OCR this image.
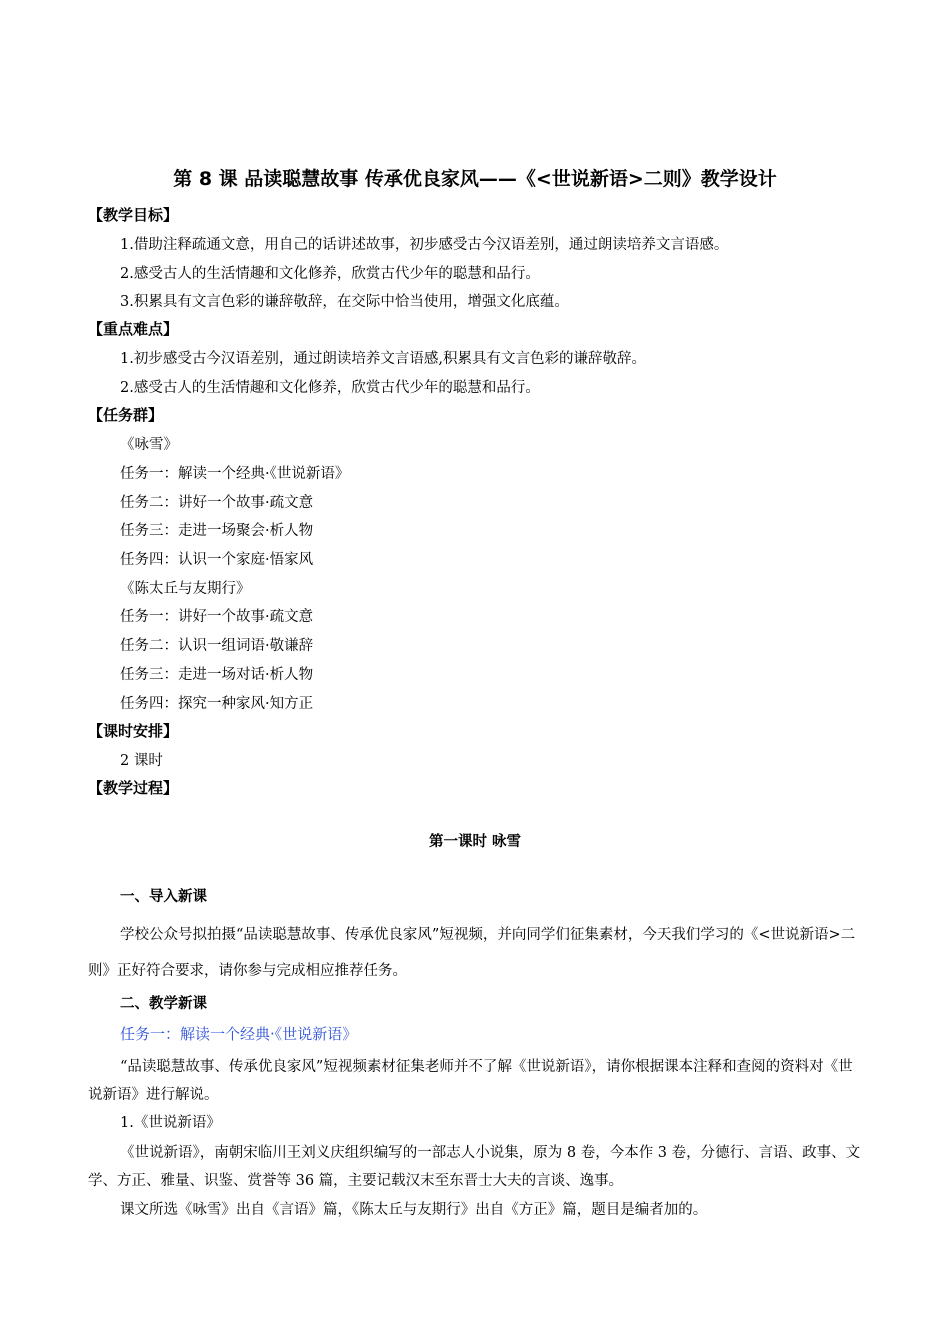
第 8 课 品读聪慧故事 传承优良家风——《<世说新语>二则》教学设计
【教学目标】
1.借助注释疏通文意，用自己的话讲述故事，初步感受古今汉语差别，通过朗读培养文言语感。
2.感受古人的生活情趣和文化修养，欣赏古代少年的聪慧和品行。
3.积累具有文言色彩的谦辞敬辞，在交际中恰当使用，增强文化底蕴。
【重点难点】
1.初步感受古今汉语差别，通过朗读培养文言语感,积累具有文言色彩的谦辞敬辞。
2.感受古人的生活情趣和文化修养，欣赏古代少年的聪慧和品行。
【任务群】
《咏雪》
任务一：解读一个经典·《世说新语》
任务二：讲好一个故事·疏文意
任务三：走进一场聚会·析人物
任务四：认识一个家庭·悟家风
《陈太丘与友期行》
任务一：讲好一个故事·疏文意
任务二：认识一组词语·敬谦辞
任务三：走进一场对话·析人物
任务四：探究一种家风·知方正
【课时安排】
2 课时
【教学过程】
第一课时 咏雪
一、导入新课
学校公众号拟拍摄“品读聪慧故事、传承优良家风”短视频，并向同学们征集素材，今天我们学习的《<世说新语>二则》正好符合要求，请你参与完成相应推荐任务。
二、教学新课
任务一：解读一个经典·《世说新语》
“品读聪慧故事、传承优良家风”短视频素材征集老师并不了解《世说新语》，请你根据课本注释和查阅的资料对《世说新语》进行解说。
1.《世说新语》
《世说新语》，南朝宋临川王刘义庆组织编写的一部志人小说集，原为 8 卷，今本作 3 卷，分德行、言语、政事、文学、方正、雅量、识鉴、赏誉等 36 篇，主要记载汉末至东晋士大夫的言谈、逸事。
课文所选《咏雪》出自《言语》篇，《陈太丘与友期行》出自《方正》篇，题目是编者加的。
